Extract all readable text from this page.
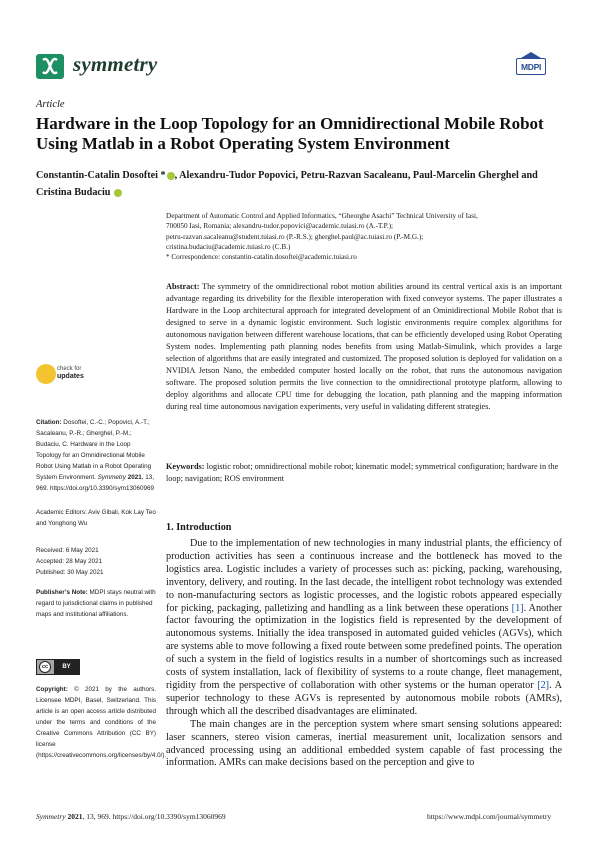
symmetry	MDPI
Article
Hardware in the Loop Topology for an Omnidirectional Mobile Robot Using Matlab in a Robot Operating System Environment
Constantin-Catalin Dosoftei * , Alexandru-Tudor Popovici, Petru-Razvan Sacaleanu, Paul-Marcelin Gherghel and
Cristina Budaciu

Department of Automatic Control and Applied Informatics, “Gheorghe Asachi” Technical University of Iasi,

700050 Iasi, Romania; alexandru-tudor.popovici@academic.tuiasi.ro (A.-T.P.);

petru-razvan.sacaleanu@student.tuiasi.ro (P.-R.S.); gherghel.paul@ac.tuiasi.ro (P.-M.G.);

cristina.budaciu@academic.tuiasi.ro (C.B.)

* Correspondence: constantin-catalin.dosoftei@academic.tuiasi.ro

Abstract: The symmetry of the omnidirectional robot motion abilities around its central vertical axis is an important advantage regarding its drivebility for the flexible interoperation with fixed conveyor systems. The paper illustrates a Hardware in the Loop architectural approach for integrated development of an Ominidirectional Mobile Robot that is designed to serve in a dynamic logistic environment. Such logistic environments require complex algorithms for autonomous navigation between different warehouse locations, that can be efficiently developed using Robot Operating System nodes. Implementing path planning nodes benefits from using Matlab-Simulink, which provides a large selection of algorithms that are easily integrated and customized. The proposed solution is deployed for validation on a NVIDIA Jetson Nano, the embedded computer hosted locally on the robot, that runs the autonomous navigation software. The proposed solution permits the live connection to the omnidirectional prototype platform, allowing to deploy algorithms and allocate CPU time for debugging the location, path planning and the mapping information during real time autonomous navigation experiments, very useful in validating different strategies.
Keywords: logistic robot; omnidirectional mobile robot; kinematic model; symmetrical configuration; hardware in the loop; navigation; ROS environment
check for
updates
Citation: Dosoftei, C.-C.; Popovici, A.-T.; Sacaleanu, P.-R.; Gherghel, P.-M.; Budaciu, C. Hardware in the Loop Topology for an Omnidirectional Mobile Robot Using Matlab in a Robot Operating System Environment. Symmetry 2021, 13, 969. https://doi.org/10.3390/sym13060969
Academic Editors: Aviv Gibali, Kok Lay Teo and Yonghong Wu

Received: 6 May 2021

Accepted: 28 May 2021

Published: 30 May 2021

Publisher’s Note: MDPI stays neutral with regard to jurisdictional claims in published maps and institutional affiliations.
cc	BY
Copyright: © 2021 by the authors. Licensee MDPI, Basel, Switzerland. This article is an open access article distributed under the terms and conditions of the Creative Commons Attribution (CC BY) license (https://creativecommons.org/licenses/by/4.0/).
1. Introduction

Due to the implementation of new technologies in many industrial plants, the efficiency of production activities has seen a continuous increase and the bottleneck has moved to the logistics area. Logistic includes a variety of processes such as: picking, packing, warehousing, inventory, delivery, and routing. In the last decade, the intelligent robot technology was extended to non-manufacturing sectors as logistic processes, and the logistic robots appeared especially for picking, packaging, palletizing and handling as a link between these operations [1]. Another factor favouring the optimization in the logistics field is represented by the development of autonomous systems. Initially the idea transposed in automated guided vehicles (AGVs), which are systems able to move following a fixed route between some predefined points. The operation of such a system in the field of logistics results in a number of shortcomings such as increased costs of system installation, lack of flexibility of systems to a route change, fleet management, rigidity from the perspective of collaboration with other systems or the human operator [2]. A superior technology to these AGVs is represented by autonomous mobile robots (AMRs), through which all the described disadvantages are eliminated.

The main changes are in the perception system where smart sensing solutions appeared: laser scanners, stereo vision cameras, inertial measurement unit, localization sensors and advanced processing using an additional embedded system capable of fast processing the information. AMRs can make decisions based on the perception and give to

Symmetry 2021, 13, 969. https://doi.org/10.3390/sym13060969	https://www.mdpi.com/journal/symmetry
